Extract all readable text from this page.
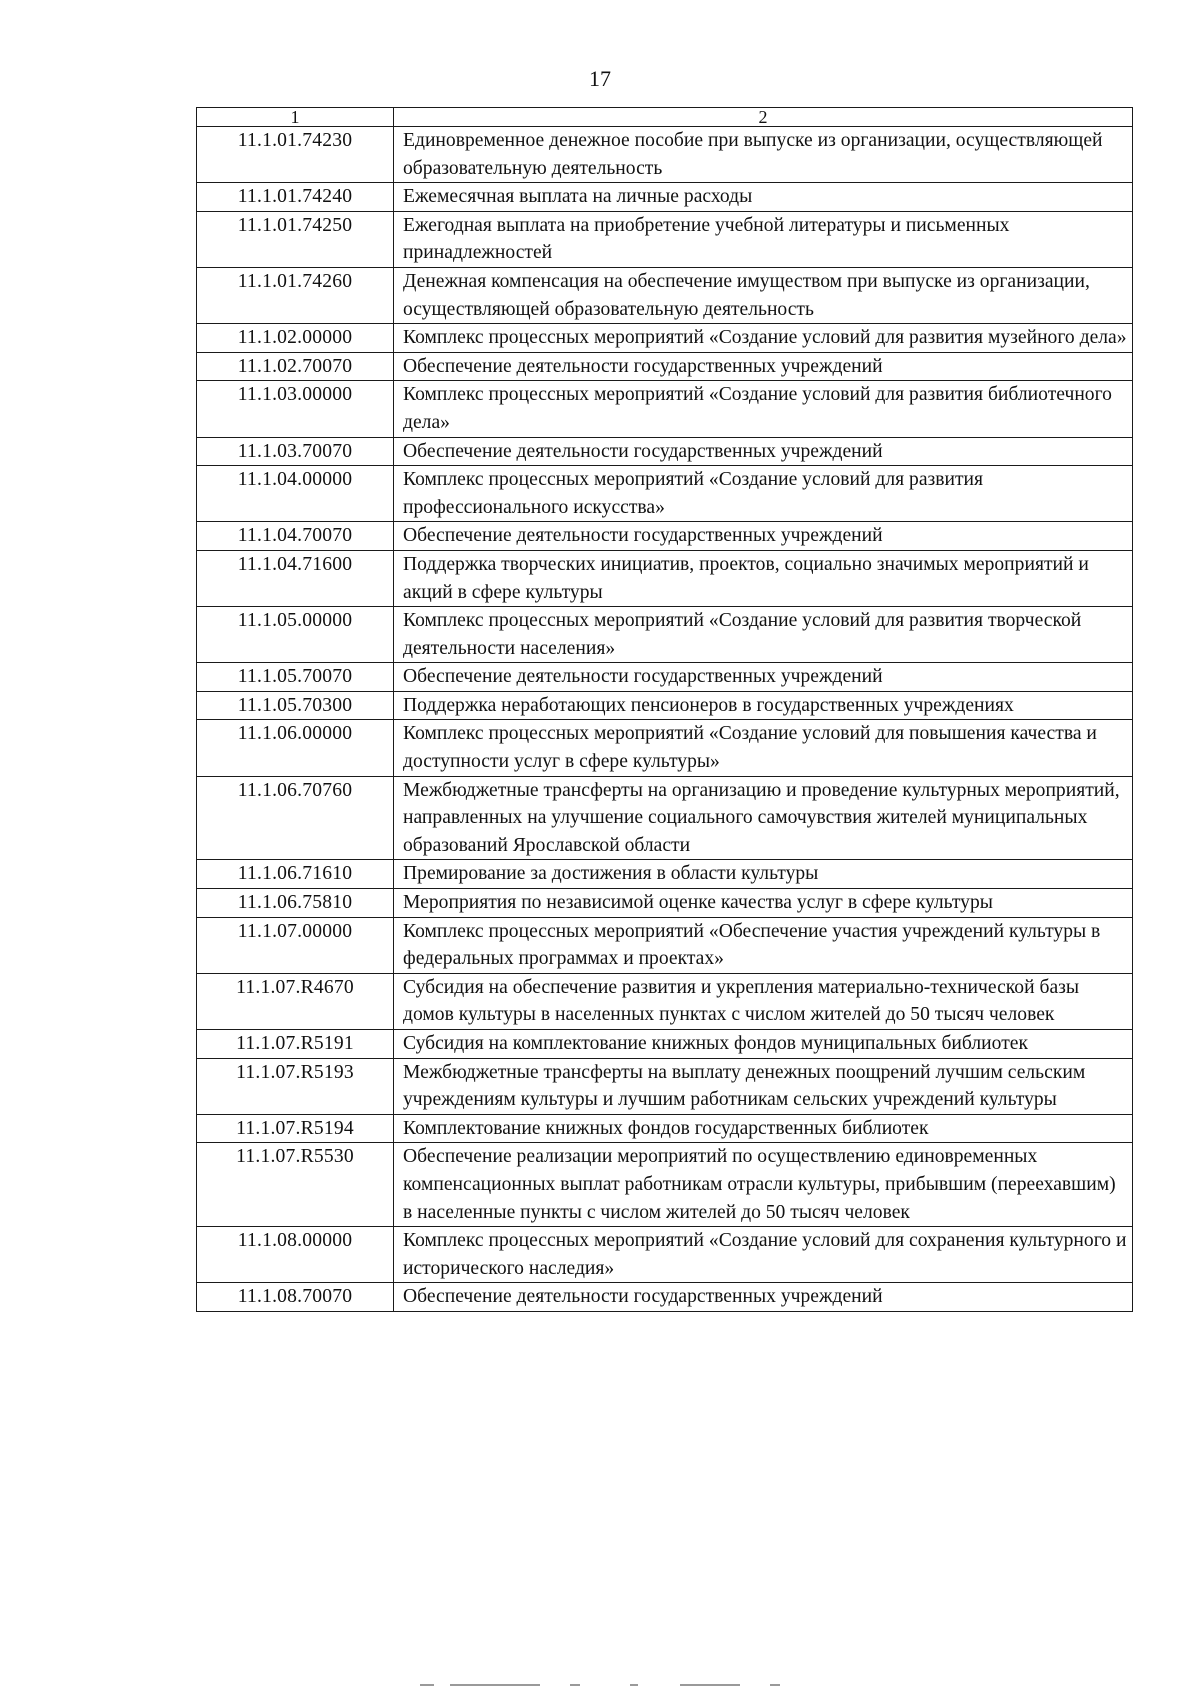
17
1	2
11.1.01.74230	Единовременное денежное пособие при выпуске из организации, осуществляющей образовательную деятельность
11.1.01.74240	Ежемесячная выплата на личные расходы
11.1.01.74250	Ежегодная выплата на приобретение учебной литературы и письменных принадлежностей
11.1.01.74260	Денежная компенсация на обеспечение имуществом при выпуске из организации, осуществляющей образовательную деятельность
11.1.02.00000	Комплекс процессных мероприятий «Создание условий для развития музейного дела»
11.1.02.70070	Обеспечение деятельности государственных учреждений
11.1.03.00000	Комплекс процессных мероприятий «Создание условий для развития библиотечного дела»
11.1.03.70070	Обеспечение деятельности государственных учреждений
11.1.04.00000	Комплекс процессных мероприятий «Создание условий для развития профессионального искусства»
11.1.04.70070	Обеспечение деятельности государственных учреждений
11.1.04.71600	Поддержка творческих инициатив, проектов, социально значимых мероприятий и акций в сфере культуры
11.1.05.00000	Комплекс процессных мероприятий «Создание условий для развития творческой деятельности населения»
11.1.05.70070	Обеспечение деятельности государственных учреждений
11.1.05.70300	Поддержка неработающих пенсионеров в государственных учреждениях
11.1.06.00000	Комплекс процессных мероприятий «Создание условий для повышения качества и доступности услуг в сфере культуры»
11.1.06.70760	Межбюджетные трансферты на организацию и проведение культурных мероприятий, направленных на улучшение социального самочувствия жителей муниципальных образований Ярославской области
11.1.06.71610	Премирование за достижения в области культуры
11.1.06.75810	Мероприятия по независимой оценке качества услуг в сфере культуры
11.1.07.00000	Комплекс процессных мероприятий «Обеспечение участия учреждений культуры в федеральных программах и проектах»
11.1.07.R4670	Субсидия на обеспечение развития и укрепления материально-технической базы домов культуры в населенных пунктах с числом жителей до 50 тысяч человек
11.1.07.R5191	Субсидия на комплектование книжных фондов муниципальных библиотек
11.1.07.R5193	Межбюджетные трансферты на выплату денежных поощрений лучшим сельским учреждениям культуры и лучшим работникам сельских учреждений культуры
11.1.07.R5194	Комплектование книжных фондов государственных библиотек
11.1.07.R5530	Обеспечение реализации мероприятий по осуществлению единовременных компенсационных выплат работникам отрасли культуры, прибывшим (переехавшим) в населенные пункты с числом жителей до 50 тысяч человек
11.1.08.00000	Комплекс процессных мероприятий «Создание условий для сохранения культурного и исторического наследия»
11.1.08.70070	Обеспечение деятельности государственных учреждений
